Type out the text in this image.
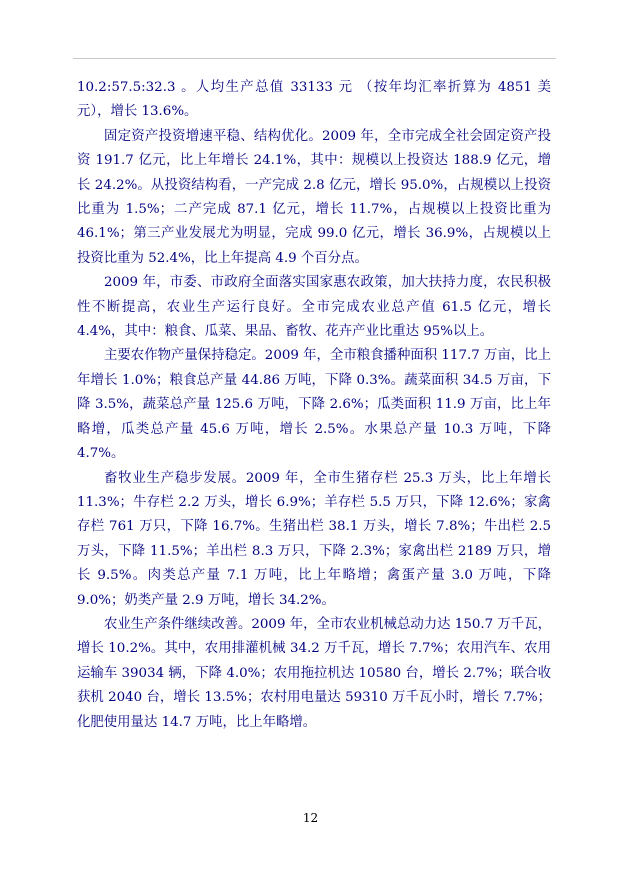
10.2:57.5:32.3 。人均生产总值 33133 元 （按年均汇率折算为 4851 美元），增长 13.6%。

固定资产投资增速平稳、结构优化。2009 年，全市完成全社会固定资产投资 191.7 亿元，比上年增长 24.1%，其中：规模以上投资达 188.9 亿元，增长 24.2%。从投资结构看，一产完成 2.8 亿元，增长 95.0%，占规模以上投资比重为 1.5%；二产完成 87.1 亿元，增长 11.7%，占规模以上投资比重为 46.1%；第三产业发展尤为明显，完成 99.0 亿元，增长 36.9%，占规模以上投资比重为 52.4%，比上年提高 4.9 个百分点。

2009 年，市委、市政府全面落实国家惠农政策，加大扶持力度，农民积极性不断提高，农业生产运行良好。全市完成农业总产值 61.5 亿元，增长 4.4%，其中：粮食、瓜菜、果品、畜牧、花卉产业比重达 95%以上。

主要农作物产量保持稳定。2009 年，全市粮食播种面积 117.7 万亩，比上年增长 1.0%；粮食总产量 44.86 万吨，下降 0.3%。蔬菜面积 34.5 万亩，下降 3.5%，蔬菜总产量 125.6 万吨，下降 2.6%；瓜类面积 11.9 万亩，比上年略增，瓜类总产量 45.6 万吨，增长 2.5%。水果总产量 10.3 万吨，下降 4.7%。

畜牧业生产稳步发展。2009 年，全市生猪存栏 25.3 万头，比上年增长 11.3%；牛存栏 2.2 万头，增长 6.9%；羊存栏 5.5 万只，下降 12.6%；家禽存栏 761 万只，下降 16.7%。生猪出栏 38.1 万头，增长 7.8%；牛出栏 2.5 万头，下降 11.5%；羊出栏 8.3 万只，下降 2.3%；家禽出栏 2189 万只，增长 9.5%。肉类总产量 7.1 万吨，比上年略增；禽蛋产量 3.0 万吨，下降 9.0%；奶类产量 2.9 万吨，增长 34.2%。

农业生产条件继续改善。2009 年，全市农业机械总动力达 150.7 万千瓦，增长 10.2%。其中，农用排灌机械 34.2 万千瓦，增长 7.7%；农用汽车、农用运输车 39034 辆，下降 4.0%；农用拖拉机达 10580 台，增长 2.7%；联合收获机 2040 台，增长 13.5%；农村用电量达 59310 万千瓦小时，增长 7.7%；化肥使用量达 14.7 万吨，比上年略增。

12
